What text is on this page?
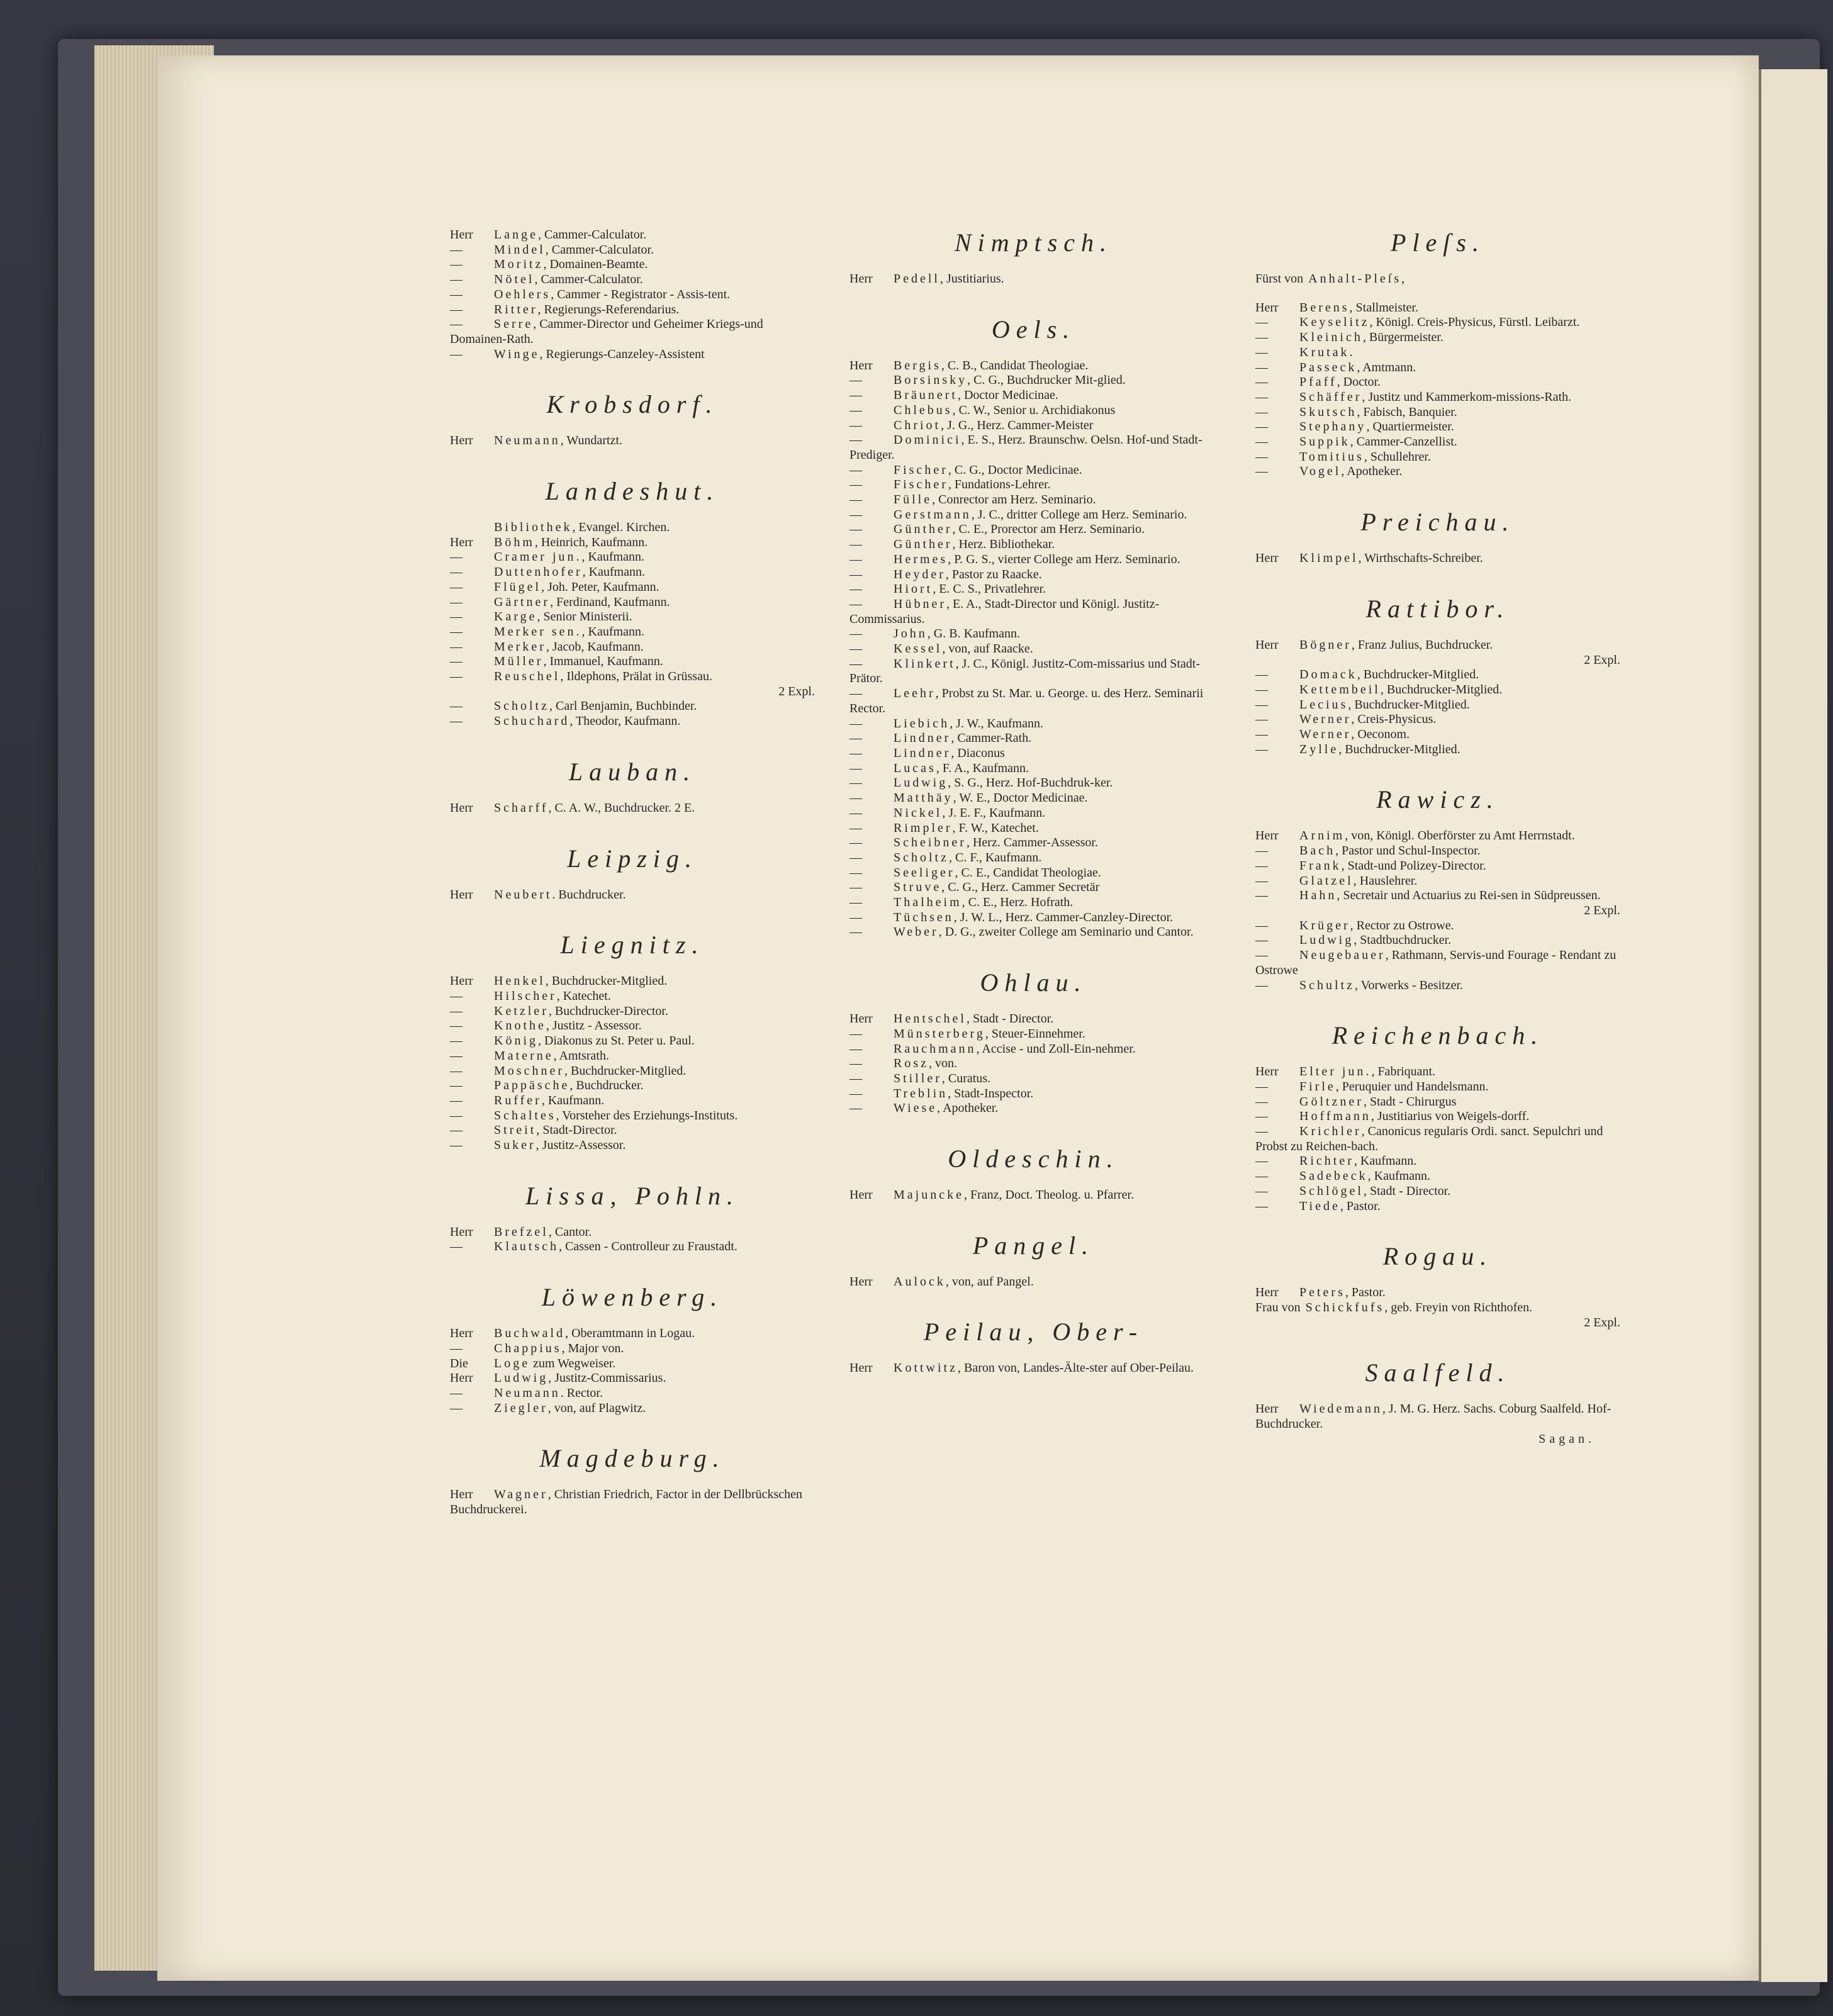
Herr Lange, Cammer-Calculator.
—	Mindel, Cammer-Calculator.
—	Moritz, Domainen-Beamte.
—	Nötel, Cammer-Calculator.
—	Oehlers, Cammer - Registrator - Assis-tent.
—	Ritter, Regierungs-Referendarius.
—	Serre, Cammer-Director und Geheimer Kriegs-und Domainen-Rath.
—	Winge, Regierungs-Canzeley-Assistent
Krobsdorf.
Herr Neumann, Wundartzt.
Landeshut.
Bibliothek, Evangel. Kirchen.
Herr Böhm, Heinrich, Kaufmann.
—	Cramer jun., Kaufmann.
—	Duttenhofer, Kaufmann.
—	Flügel, Joh. Peter, Kaufmann.
—	Gärtner, Ferdinand, Kaufmann.
—	Karge, Senior Ministerii.
—	Merker sen., Kaufmann.
—	Merker, Jacob, Kaufmann.
—	Müller, Immanuel, Kaufmann.
—	Reuschel, Ildephons, Prälat in Grüssau.
2 Expl.
—	Scholtz, Carl Benjamin, Buchbinder.
—	Schuchard, Theodor, Kaufmann.
Lauban.
Herr Scharff, C. A. W., Buchdrucker. 2 E.
Leipzig.
Herr Neubert. Buchdrucker.
Liegnitz.
Herr Henkel, Buchdrucker-Mitglied.
—	Hilscher, Katechet.
—	Ketzler, Buchdrucker-Director.
—	Knothe, Justitz - Assessor.
—	König, Diakonus zu St. Peter u. Paul.
—	Materne, Amtsrath.
—	Moschner, Buchdrucker-Mitglied.
—	Pappäsche, Buchdrucker.
—	Ruffer, Kaufmann.
—	Schaltes, Vorsteher des Erziehungs-Instituts.
—	Streit, Stadt-Director.
—	Suker, Justitz-Assessor.
Lissa, Pohln.
Herr Brefzel, Cantor.
—	Klautsch, Cassen - Controlleur zu Fraustadt.
Löwenberg.
Herr Buchwald, Oberamtmann in Logau.
—	Chappius, Major von.
Die Loge zum Wegweiser.
Herr Ludwig, Justitz-Commissarius.
—	Neumann. Rector.
—	Ziegler, von, auf Plagwitz.
Magdeburg.
Herr Wagner, Christian Friedrich, Factor in der Dellbrückschen Buchdruckerei.
Nimptsch.
Herr Pedell, Justitiarius.
Oels.
Herr Bergis, C. B., Candidat Theologiae.
—	Borsinsky, C. G., Buchdrucker Mit-glied.
—	Bräunert, Doctor Medicinae.
—	Chlebus, C. W., Senior u. Archidiakonus
—	Chriot, J. G., Herz. Cammer-Meister
—	Dominici, E. S., Herz. Braunschw. Oelsn. Hof-und Stadt-Prediger.
—	Fischer, C. G., Doctor Medicinae.
—	Fischer, Fundations-Lehrer.
—	Fülle, Conrector am Herz. Seminario.
—	Gerstmann, J. C., dritter College am Herz. Seminario.
—	Günther, C. E., Prorector am Herz. Seminario.
—	Günther, Herz. Bibliothekar.
—	Hermes, P. G. S., vierter College am Herz. Seminario.
—	Heyder, Pastor zu Raacke.
—	Hiort, E. C. S., Privatlehrer.
—	Hübner, E. A., Stadt-Director und Königl. Justitz-Commissarius.
—	John, G. B. Kaufmann.
—	Kessel, von, auf Raacke.
—	Klinkert, J. C., Königl. Justitz-Com-missarius und Stadt-Prätor.
—	Leehr, Probst zu St. Mar. u. George. u. des Herz. Seminarii Rector.
—	Liebich, J. W., Kaufmann.
—	Lindner, Cammer-Rath.
—	Lindner, Diaconus
—	Lucas, F. A., Kaufmann.
—	Ludwig, S. G., Herz. Hof-Buchdruk-ker.
—	Matthäy, W. E., Doctor Medicinae.
—	Nickel, J. E. F., Kaufmann.
—	Rimpler, F. W., Katechet.
—	Scheibner, Herz. Cammer-Assessor.
—	Scholtz, C. F., Kaufmann.
—	Seeliger, C. E., Candidat Theologiae.
—	Struve, C. G., Herz. Cammer Secretär
—	Thalheim, C. E., Herz. Hofrath.
—	Tüchsen, J. W. L., Herz. Cammer-Canzley-Director.
—	Weber, D. G., zweiter College am Seminario und Cantor.
Ohlau.
Herr Hentschel, Stadt - Director.
—	Münsterberg, Steuer-Einnehmer.
—	Rauchmann, Accise - und Zoll-Ein-nehmer.
—	Rosz, von.
—	Stiller, Curatus.
—	Treblin, Stadt-Inspector.
—	Wiese, Apotheker.
Oldeschin.
Herr Majuncke, Franz, Doct. Theolog. u. Pfarrer.
Pangel.
Herr Aulock, von, auf Pangel.
Peilau, Ober-
Herr Kottwitz, Baron von, Landes-Älte-ster auf Ober-Peilau.
Pleſs.
Fürst von Anhalt-Pleſs,
Herr Berens, Stallmeister.
—	Keyselitz, Königl. Creis-Physicus, Fürstl. Leibarzt.
—	Kleinich, Bürgermeister.
—	Krutak.
—	Passeck, Amtmann.
—	Pfaff, Doctor.
—	Schäffer, Justitz und Kammerkom-missions-Rath.
—	Skutsch, Fabisch, Banquier.
—	Stephany, Quartiermeister.
—	Suppik, Cammer-Canzellist.
—	Tomitius, Schullehrer.
—	Vogel, Apotheker.
Preichau.
Herr Klimpel, Wirthschafts-Schreiber.
Rattibor.
Herr Bögner, Franz Julius, Buchdrucker.
2 Expl.
—	Domack, Buchdrucker-Mitglied.
—	Kettembeil, Buchdrucker-Mitglied.
—	Lecius, Buchdrucker-Mitglied.
—	Werner, Creis-Physicus.
—	Werner, Oeconom.
—	Zylle, Buchdrucker-Mitglied.
Rawicz.
Herr Arnim, von, Königl. Oberförster zu Amt Herrnstadt.
—	Bach, Pastor und Schul-Inspector.
—	Frank, Stadt-und Polizey-Director.
—	Glatzel, Hauslehrer.
—	Hahn, Secretair und Actuarius zu Rei-sen in Südpreussen.
2 Expl.
—	Krüger, Rector zu Ostrowe.
—	Ludwig, Stadtbuchdrucker.
—	Neugebauer, Rathmann, Servis-und Fourage - Rendant zu Ostrowe
—	Schultz, Vorwerks - Besitzer.
Reichenbach.
Herr Elter jun., Fabriquant.
—	Firle, Peruquier und Handelsmann.
—	Göltzner, Stadt - Chirurgus
—	Hoffmann, Justitiarius von Weigels-dorff.
—	Krichler, Canonicus regularis Ordi. sanct. Sepulchri und Probst zu Reichen-bach.
—	Richter, Kaufmann.
—	Sadebeck, Kaufmann.
—	Schlögel, Stadt - Director.
—	Tiede, Pastor.
Rogau.
Herr Peters, Pastor.
Frau von Schickfufs, geb. Freyin von Richthofen.
2 Expl.
Saalfeld.
Herr Wiedemann, J. M. G. Herz. Sachs. Coburg Saalfeld. Hof-Buchdrucker.
Sagan.
